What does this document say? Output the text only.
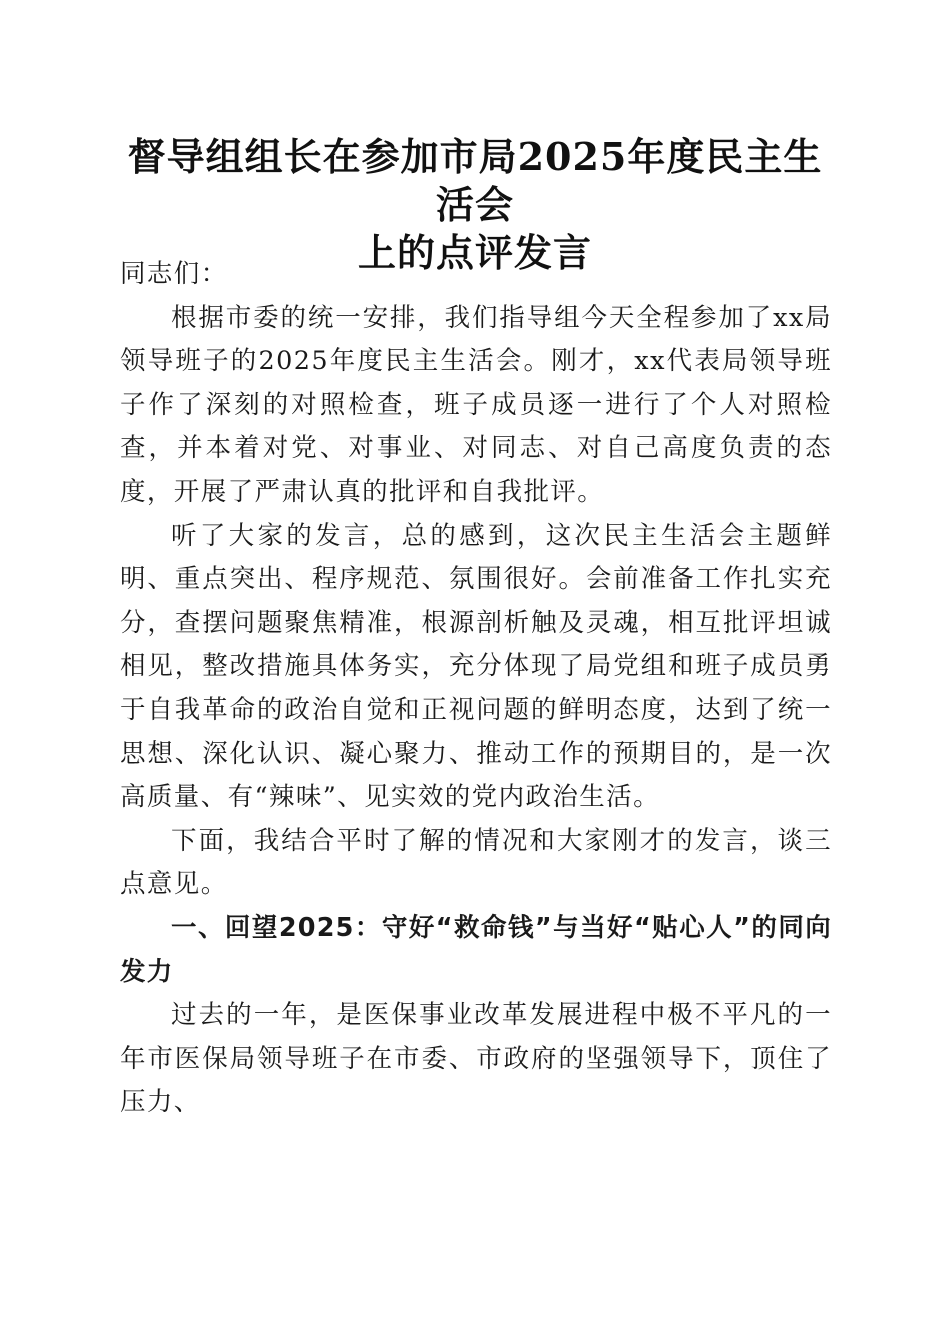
督导组组长在参加市局2025年度民主生活会
上的点评发言

同志们：

根据市委的统一安排，我们指导组今天全程参加了xx局领导班子的2025年度民主生活会。刚才，xx代表局领导班子作了深刻的对照检查，班子成员逐一进行了个人对照检查，并本着对党、对事业、对同志、对自己高度负责的态度，开展了严肃认真的批评和自我批评。

听了大家的发言，总的感到，这次民主生活会主题鲜明、重点突出、程序规范、氛围很好。会前准备工作扎实充分，查摆问题聚焦精准，根源剖析触及灵魂，相互批评坦诚相见，整改措施具体务实，充分体现了局党组和班子成员勇于自我革命的政治自觉和正视问题的鲜明态度，达到了统一思想、深化认识、凝心聚力、推动工作的预期目的，是一次高质量、有“辣味”、见实效的党内政治生活。

下面，我结合平时了解的情况和大家刚才的发言，谈三点意见。

一、回望2025：守好“救命钱”与当好“贴心人”的同向发力

过去的一年，是医保事业改革发展进程中极不平凡的一年市医保局领导班子在市委、市政府的坚强领导下，顶住了压力、
